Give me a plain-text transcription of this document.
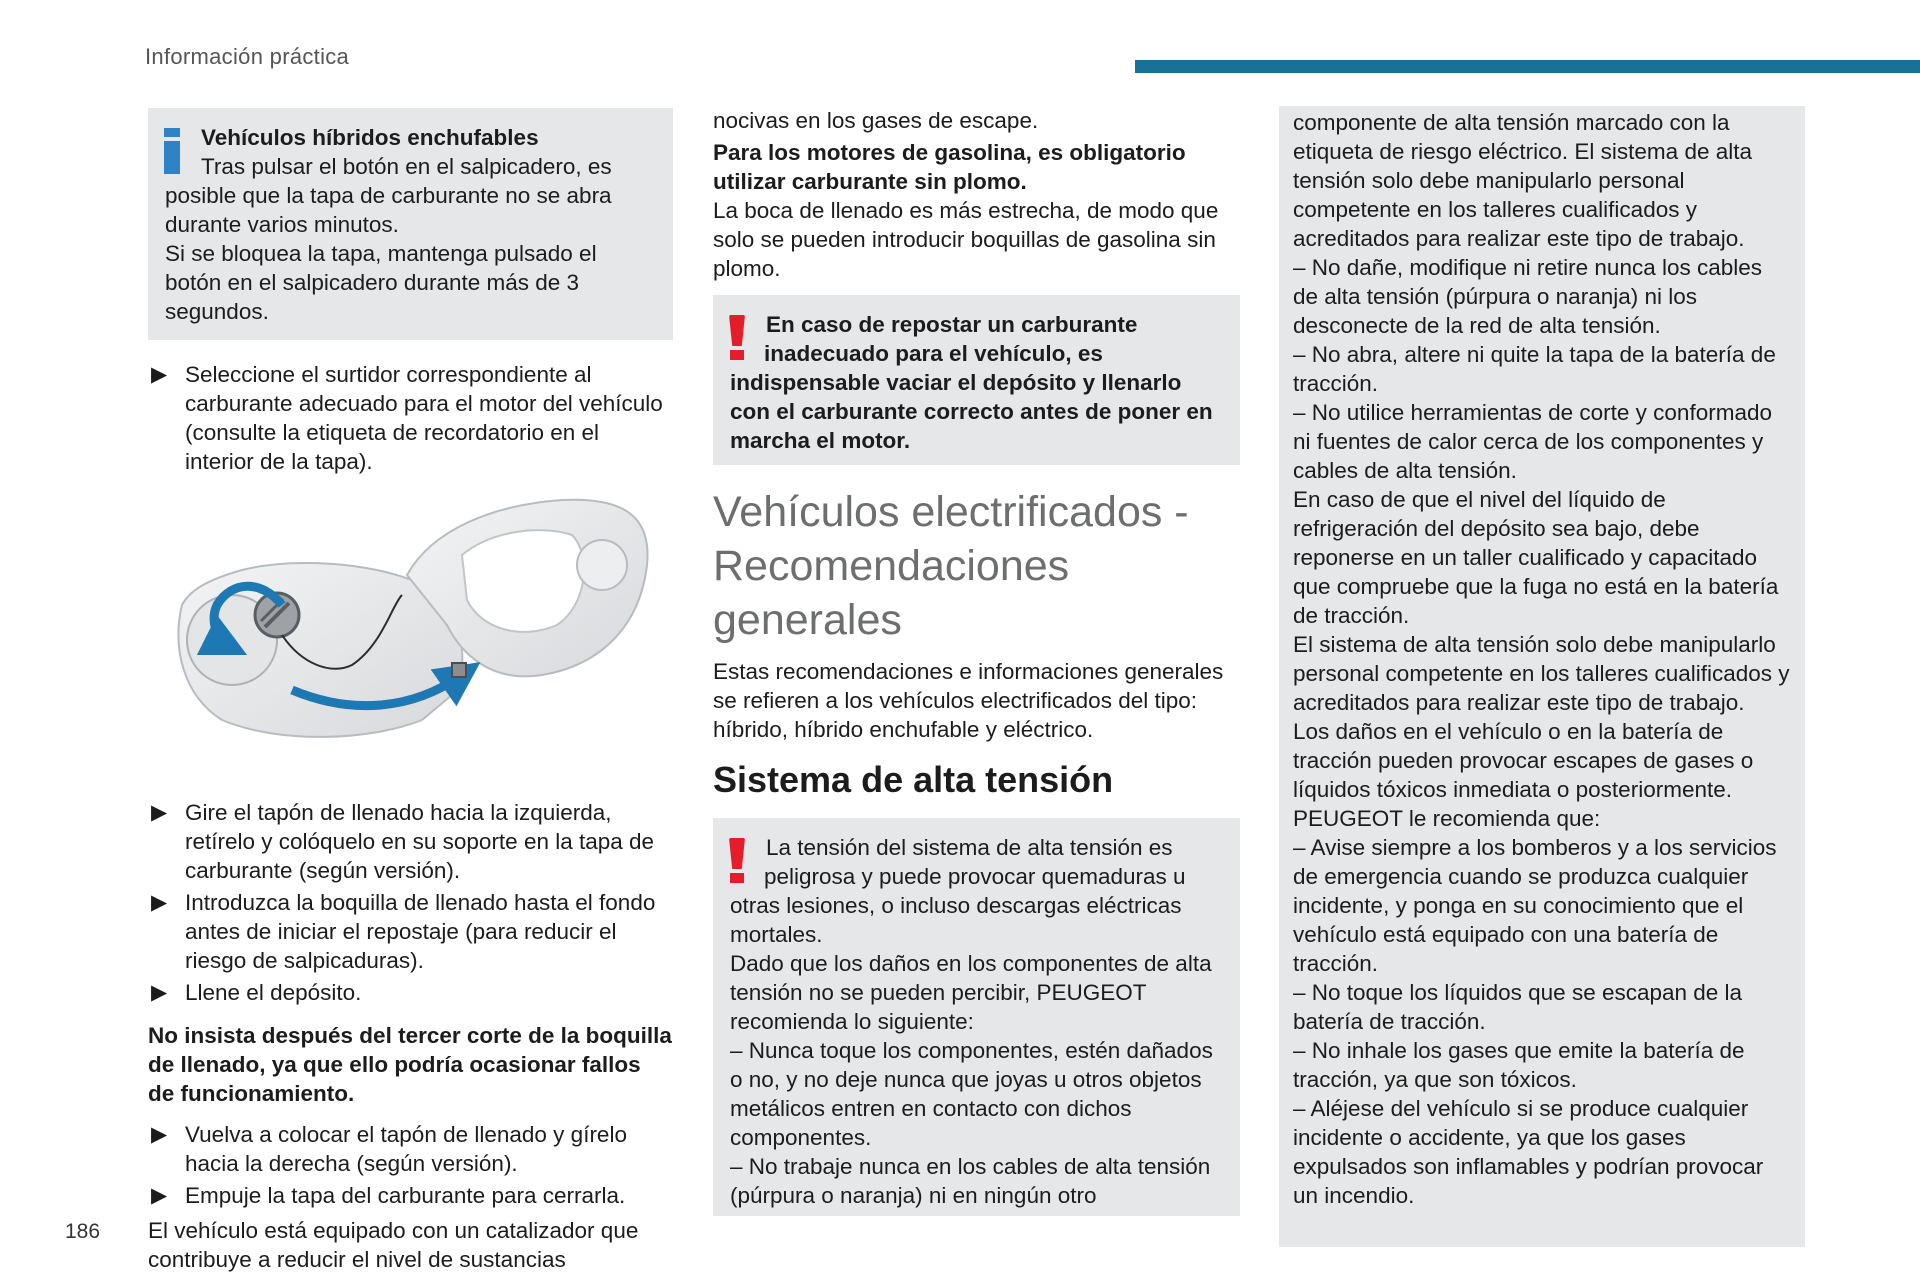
Información práctica
Vehículos híbridos enchufables
Tras pulsar el botón en el salpicadero, es
posible que la tapa de carburante no se abra durante varios minutos.
Si se bloquea la tapa, mantenga pulsado el botón en el salpicadero durante más de 3 segundos.
▶ Seleccione el surtidor correspondiente al carburante adecuado para el motor del vehículo (consulte la etiqueta de recordatorio en el interior de la tapa).
▶ Gire el tapón de llenado hacia la izquierda, retírelo y colóquelo en su soporte en la tapa de carburante (según versión).
▶ Introduzca la boquilla de llenado hasta el fondo antes de iniciar el repostaje (para reducir el riesgo de salpicaduras).
▶ Llene el depósito.
No insista después del tercer corte de la boquilla de llenado, ya que ello podría ocasionar fallos de funcionamiento.
▶ Vuelva a colocar el tapón de llenado y gírelo hacia la derecha (según versión).
▶ Empuje la tapa del carburante para cerrarla.
El vehículo está equipado con un catalizador que contribuye a reducir el nivel de sustancias
nocivas en los gases de escape.
Para los motores de gasolina, es obligatorio utilizar carburante sin plomo.
La boca de llenado es más estrecha, de modo que solo se pueden introducir boquillas de gasolina sin plomo.
En caso de repostar un carburante
inadecuado para el vehículo, es indispensable vaciar el depósito y llenarlo con el carburante correcto antes de poner en marcha el motor.
Vehículos electrificados - Recomendaciones generales
Estas recomendaciones e informaciones generales se refieren a los vehículos electrificados del tipo: híbrido, híbrido enchufable y eléctrico.
Sistema de alta tensión
La tensión del sistema de alta tensión es
peligrosa y puede provocar quemaduras u otras lesiones, o incluso descargas eléctricas mortales.
Dado que los daños en los componentes de alta tensión no se pueden percibir, PEUGEOT recomienda lo siguiente:
– Nunca toque los componentes, estén dañados o no, y no deje nunca que joyas u otros objetos metálicos entren en contacto con dichos componentes.
– No trabaje nunca en los cables de alta tensión (púrpura o naranja) ni en ningún otro
componente de alta tensión marcado con la etiqueta de riesgo eléctrico. El sistema de alta tensión solo debe manipularlo personal competente en los talleres cualificados y acreditados para realizar este tipo de trabajo.
– No dañe, modifique ni retire nunca los cables de alta tensión (púrpura o naranja) ni los desconecte de la red de alta tensión.
– No abra, altere ni quite la tapa de la batería de tracción.
– No utilice herramientas de corte y conformado ni fuentes de calor cerca de los componentes y cables de alta tensión.
En caso de que el nivel del líquido de refrigeración del depósito sea bajo, debe reponerse en un taller cualificado y capacitado que compruebe que la fuga no está en la batería de tracción.
El sistema de alta tensión solo debe manipularlo personal competente en los talleres cualificados y acreditados para realizar este tipo de trabajo.
Los daños en el vehículo o en la batería de tracción pueden provocar escapes de gases o líquidos tóxicos inmediata o posteriormente.
PEUGEOT le recomienda que:
– Avise siempre a los bomberos y a los servicios de emergencia cuando se produzca cualquier incidente, y ponga en su conocimiento que el vehículo está equipado con una batería de tracción.
– No toque los líquidos que se escapan de la batería de tracción.
– No inhale los gases que emite la batería de tracción, ya que son tóxicos.
– Aléjese del vehículo si se produce cualquier incidente o accidente, ya que los gases expulsados son inflamables y podrían provocar un incendio.
186
